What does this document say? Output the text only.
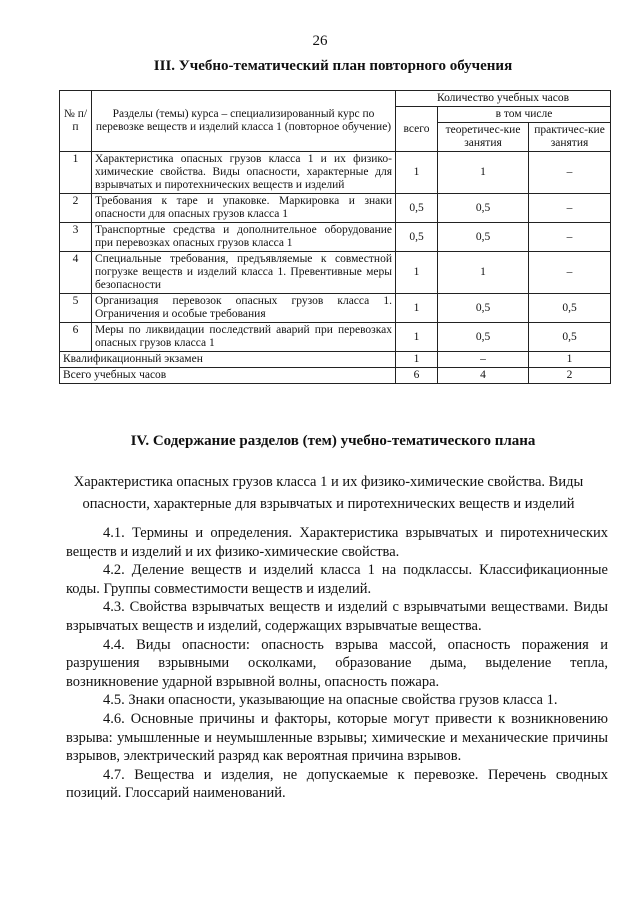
26
III. Учебно-тематический план повторного обучения
№ п/п	Разделы (темы) курса – специализированный курс по перевозке веществ и изделий класса 1 (повторное обучение)	Количество учебных часов		
		всего	в том числе	
			теоретичес-кие занятия	практичес-кие занятия
1	Характеристика опасных грузов класса 1 и их физико-химические свойства. Виды опасности, характерные для взрывчатых и пиротехнических веществ и изделий	1	1	–
2	Требования к таре и упаковке. Маркировка и знаки опасности для опасных грузов класса 1	0,5	0,5	–
3	Транспортные средства и дополнительное оборудование при перевозках опасных грузов класса 1	0,5	0,5	–
4	Специальные требования, предъявляемые к совместной погрузке веществ и изделий класса 1. Превентивные меры безопасности	1	1	–
5	Организация перевозок опасных грузов класса 1. Ограничения и особые требования	1	0,5	0,5
6	Меры по ликвидации последствий аварий при перевозках опасных грузов класса 1	1	0,5	0,5
Квалификационный экзамен		1	–	1
Всего учебных часов		6	4	2
IV. Содержание разделов (тем) учебно-тематического плана
Характеристика опасных грузов класса 1 и их физико-химические свойства. Виды опасности, характерные для взрывчатых и пиротехнических веществ и изделий

4.1. Термины и определения. Характеристика взрывчатых и пиротехнических веществ и изделий и их физико-химические свойства.

4.2. Деление веществ и изделий класса 1 на подклассы. Классификационные коды. Группы совместимости веществ и изделий.

4.3. Свойства взрывчатых веществ и изделий с взрывчатыми веществами. Виды взрывчатых веществ и изделий, содержащих взрывчатые вещества.

4.4. Виды опасности: опасность взрыва массой, опасность поражения и разрушения взрывными осколками, образование дыма, выделение тепла, возникновение ударной взрывной волны, опасность пожара.

4.5. Знаки опасности, указывающие на опасные свойства грузов класса 1.

4.6. Основные причины и факторы, которые могут привести к возникновению взрыва: умышленные и неумышленные взрывы; химические и механические причины взрывов, электрический разряд как вероятная причина взрывов.

4.7. Вещества и изделия, не допускаемые к перевозке. Перечень сводных позиций. Глоссарий наименований.
